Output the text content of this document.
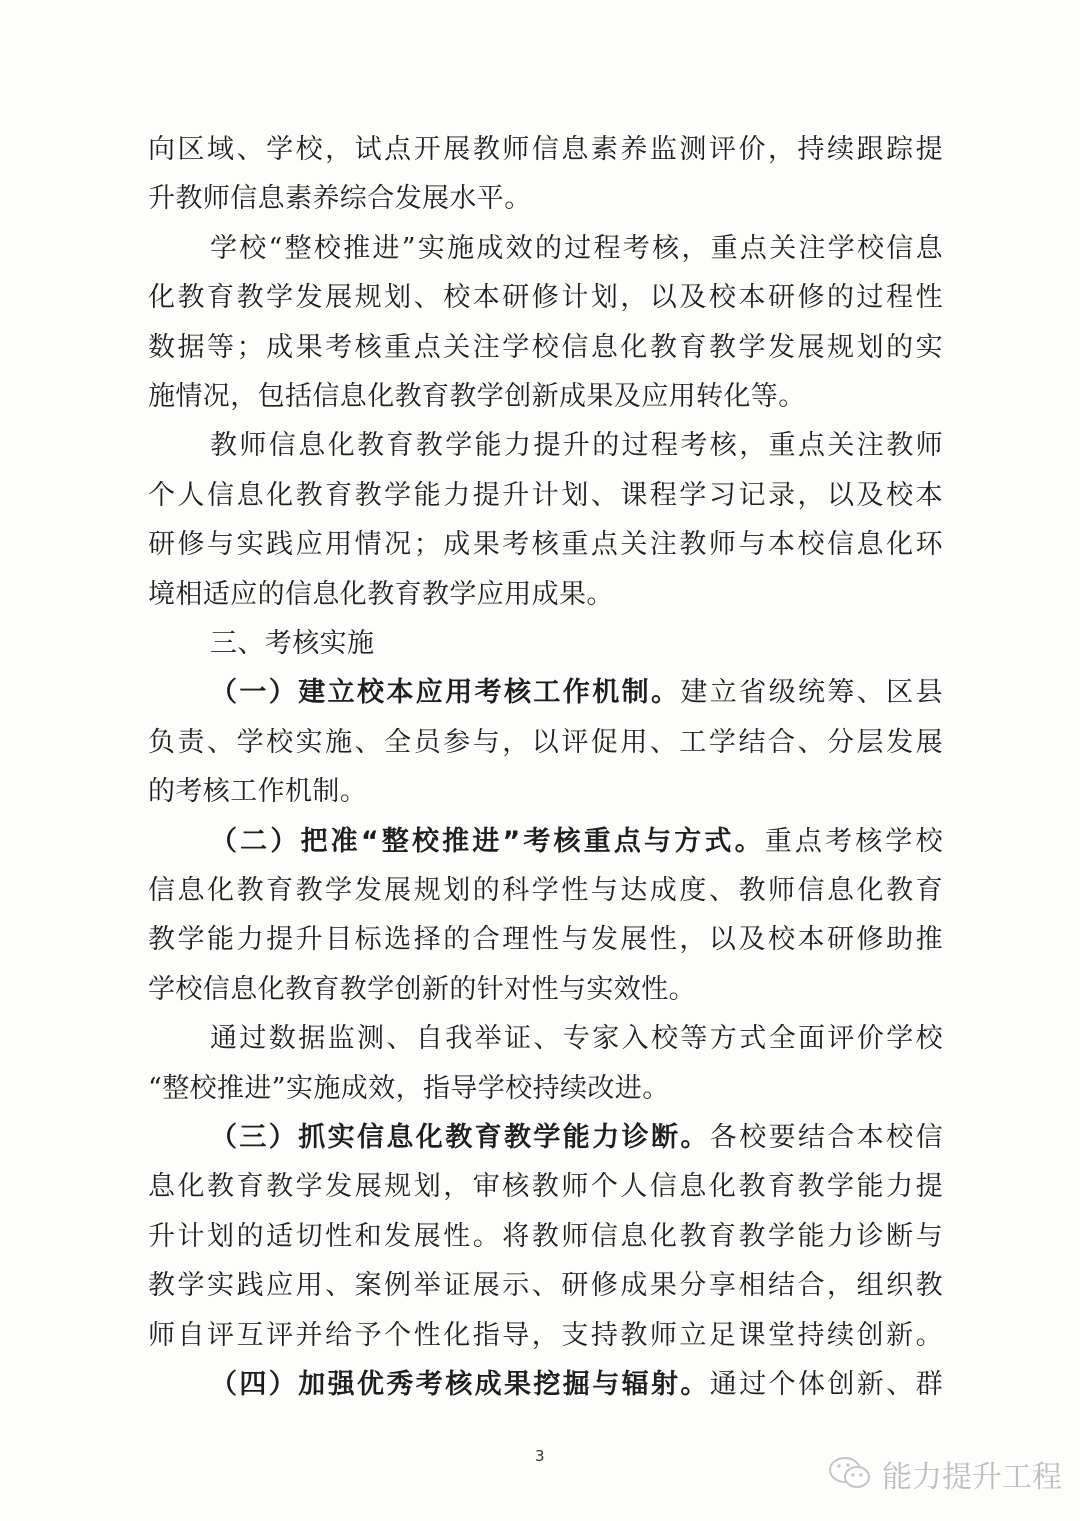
向区域、学校，试点开展教师信息素养监测评价，持续跟踪提
升教师信息素养综合发展水平。
学校“整校推进”实施成效的过程考核，重点关注学校信息
化教育教学发展规划、校本研修计划，以及校本研修的过程性
数据等；成果考核重点关注学校信息化教育教学发展规划的实
施情况，包括信息化教育教学创新成果及应用转化等。
教师信息化教育教学能力提升的过程考核，重点关注教师
个人信息化教育教学能力提升计划、课程学习记录，以及校本
研修与实践应用情况；成果考核重点关注教师与本校信息化环
境相适应的信息化教育教学应用成果。
三、考核实施
（一）建立校本应用考核工作机制。建立省级统筹、区县
负责、学校实施、全员参与，以评促用、工学结合、分层发展
的考核工作机制。
（二）把准“整校推进”考核重点与方式。重点考核学校
信息化教育教学发展规划的科学性与达成度、教师信息化教育
教学能力提升目标选择的合理性与发展性，以及校本研修助推
学校信息化教育教学创新的针对性与实效性。
通过数据监测、自我举证、专家入校等方式全面评价学校
“整校推进”实施成效，指导学校持续改进。
（三）抓实信息化教育教学能力诊断。各校要结合本校信
息化教育教学发展规划，审核教师个人信息化教育教学能力提
升计划的适切性和发展性。将教师信息化教育教学能力诊断与
教学实践应用、案例举证展示、研修成果分享相结合，组织教
师自评互评并给予个性化指导，支持教师立足课堂持续创新。
（四）加强优秀考核成果挖掘与辐射。通过个体创新、群
3
能力提升工程
